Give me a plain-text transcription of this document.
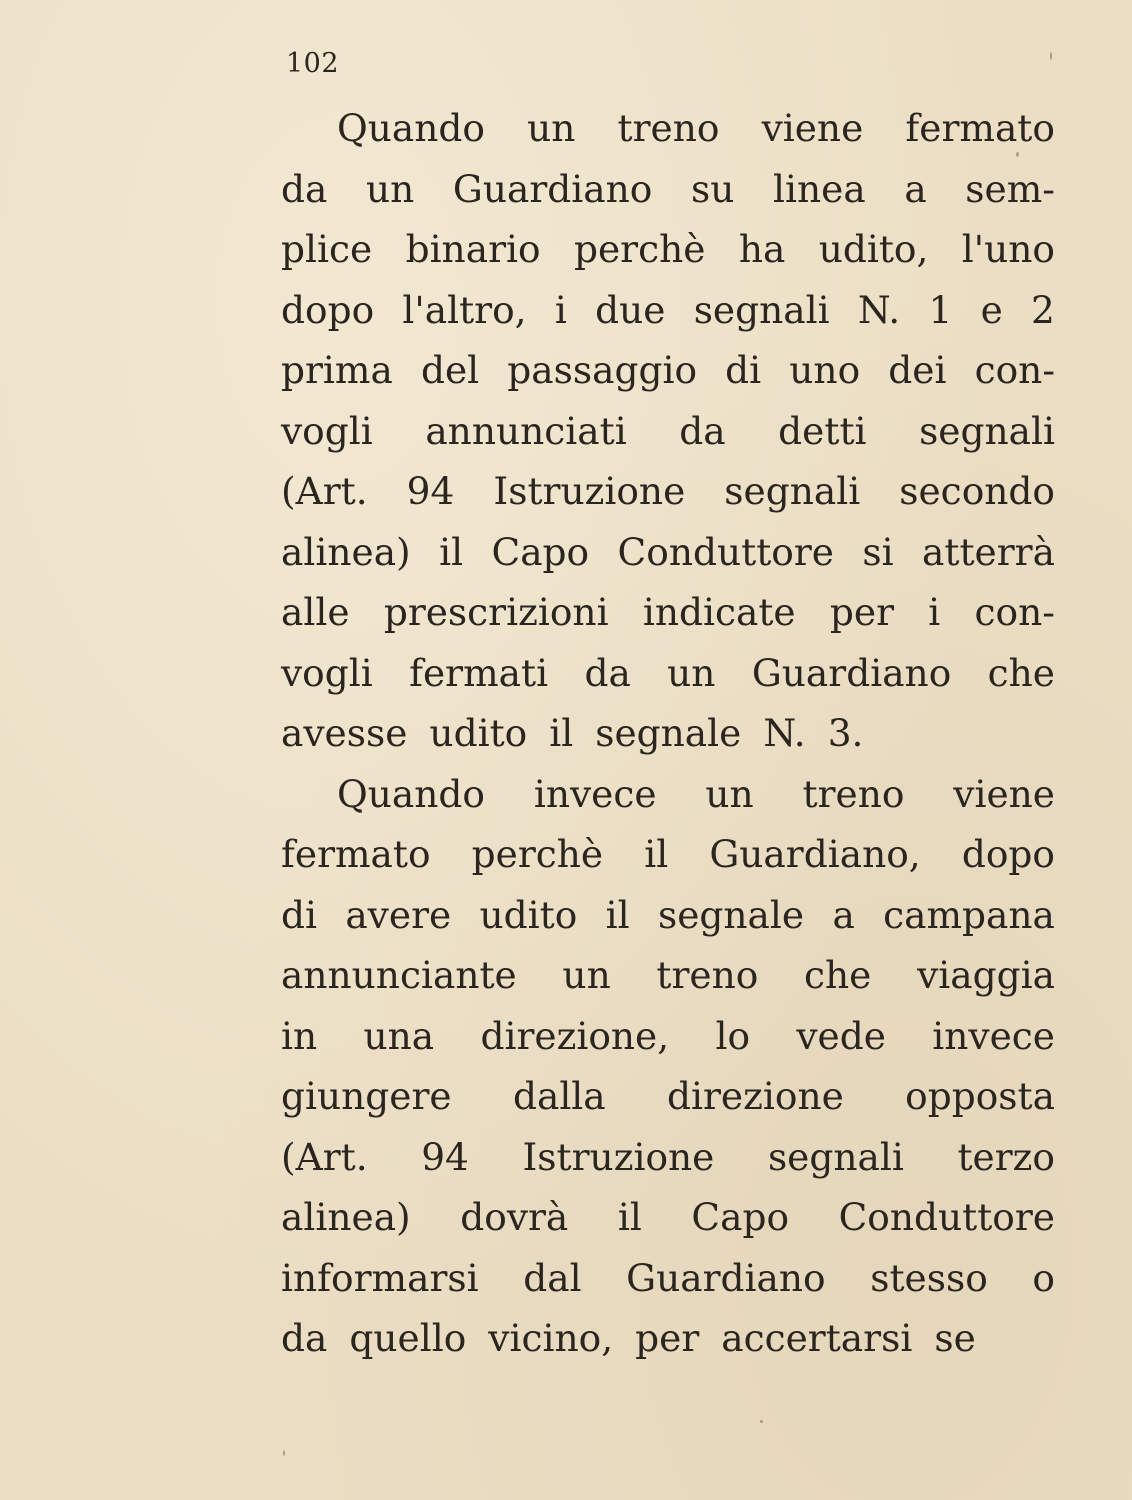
102
Quando un treno viene fermato
da un Guardiano su linea a sem-
plice binario perchè ha udito, l'uno
dopo l'altro, i due segnali N. 1 e 2
prima del passaggio di uno dei con-
vogli annunciati da detti segnali
(Art. 94 Istruzione segnali secondo
alinea) il Capo Conduttore si atterrà
alle prescrizioni indicate per i con-
vogli fermati da un Guardiano che
avesse udito il segnale N. 3.
Quando invece un treno viene
fermato perchè il Guardiano, dopo
di avere udito il segnale a campana
annunciante un treno che viaggia
in una direzione, lo vede invece
giungere dalla direzione opposta
(Art. 94 Istruzione segnali terzo
alinea) dovrà il Capo Conduttore
informarsi dal Guardiano stesso o
da quello vicino, per accertarsi se
